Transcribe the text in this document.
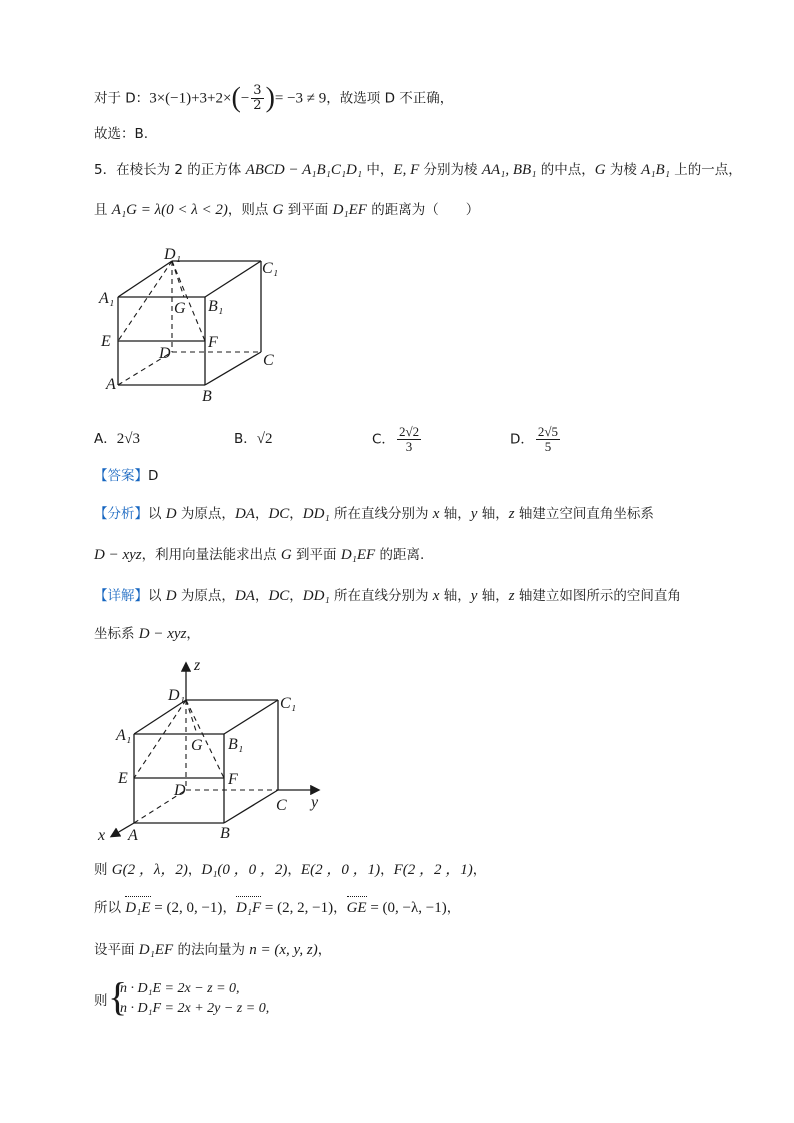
对于 D：$3\times(-1)+3+2\times(- \frac{3}{2}$ )= −3 ≠ 9，故选项 D 不正确，
故选：B.
5．在棱长为 2 的正方体 ABCD − A₁B₁C₁D₁ 中，E, F 分别为棱 AA₁, BB₁ 的中点，G 为棱 A₁B₁ 上的一点，
且 A₁G = λ(0 < λ < 2)，则点 G 到平面 D₁EF 的距离为（　　）
D₁
C₁
A₁	B₁
G
E	F
D	C
A
B
A．2√3	B．√2	C． $\frac{2√2}{3}$	D． $\frac{2√5}{5}$
【答案】D
【分析】以 D 为原点，DA，DC，DD₁ 所在直线分别为 x 轴，y 轴，z 轴建立空间直角坐标系
D − xyz，利用向量法能求出点 G 到平面 D₁EF 的距离.
【详解】以 D 为原点，DA，DC，DD₁ 所在直线分别为 x 轴，y 轴，z 轴建立如图所示的空间直角
坐标系 D − xyz，
z
y
x
D₁	C₁
A₁
B₁
G
E	F
D
C
A	B
则 G(2 ，λ，2)，D₁(0 ，0 ，2)，E(2 ，0 ，1)，F(2 ，2 ，1)，
所以 D₁E = (2, 0, −1)，D₁F = (2, 2, −1)，GE = (0, −λ, −1)，
设平面 D₁EF 的法向量为 n = (x, y, z)，
则 {
n · D₁E = 2x − z = 0,
n · D₁F = 2x + 2y − z = 0,
